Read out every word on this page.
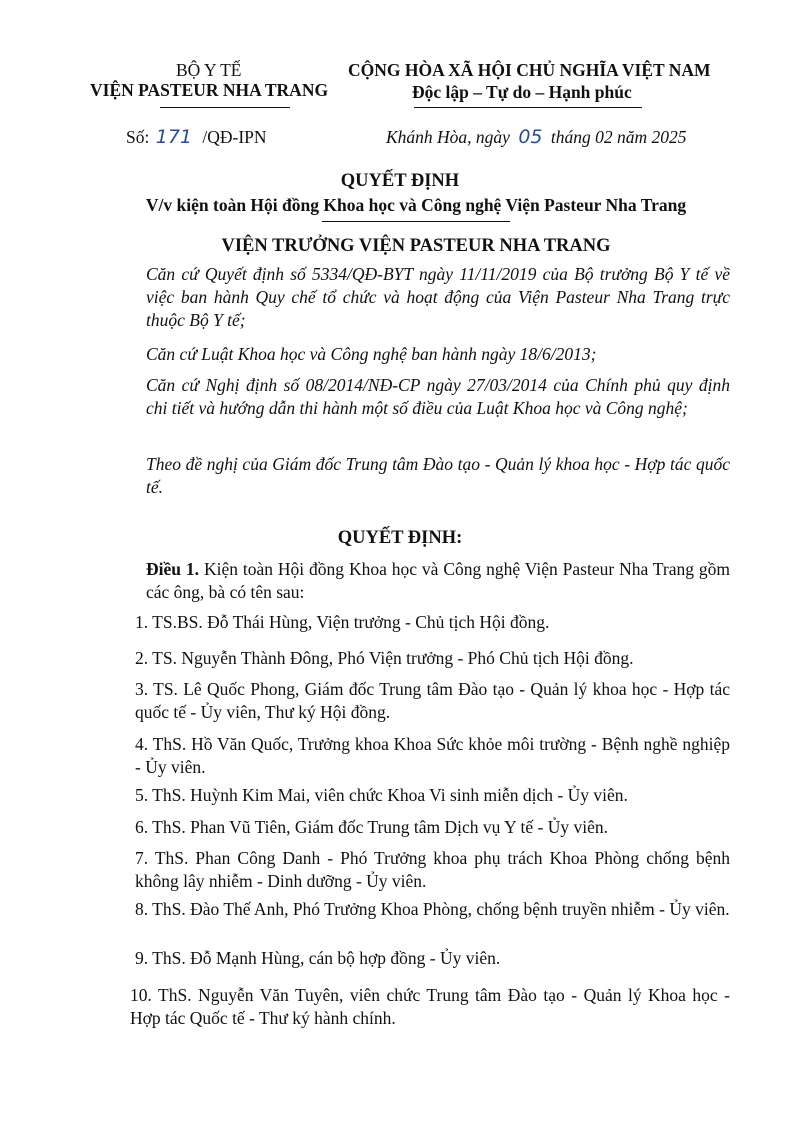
BỘ Y TẾ
VIỆN PASTEUR NHA TRANG
CỘNG HÒA XÃ HỘI CHỦ NGHĨA VIỆT NAM
Độc lập – Tự do – Hạnh phúc
Số: 171 /QĐ-IPN	Khánh Hòa, ngày 05 tháng 02 năm 2025
QUYẾT ĐỊNH
V/v kiện toàn Hội đồng Khoa học và Công nghệ Viện Pasteur Nha Trang
VIỆN TRƯỞNG VIỆN PASTEUR NHA TRANG
Căn cứ Quyết định số 5334/QĐ-BYT ngày 11/11/2019 của Bộ trưởng Bộ Y tế về việc ban hành Quy chế tổ chức và hoạt động của Viện Pasteur Nha Trang trực thuộc Bộ Y tế;
Căn cứ Luật Khoa học và Công nghệ ban hành ngày 18/6/2013;
Căn cứ Nghị định số 08/2014/NĐ-CP ngày 27/03/2014 của Chính phủ quy định chi tiết và hướng dẫn thi hành một số điều của Luật Khoa học và Công nghệ;
Theo đề nghị của Giám đốc Trung tâm Đào tạo - Quản lý khoa học - Hợp tác quốc tế.
QUYẾT ĐỊNH:
Điều 1. Kiện toàn Hội đồng Khoa học và Công nghệ Viện Pasteur Nha Trang gồm các ông, bà có tên sau:
1. TS.BS. Đỗ Thái Hùng, Viện trưởng - Chủ tịch Hội đồng.
2. TS. Nguyễn Thành Đông, Phó Viện trưởng - Phó Chủ tịch Hội đồng.
3. TS. Lê Quốc Phong, Giám đốc Trung tâm Đào tạo - Quản lý khoa học - Hợp tác quốc tế - Ủy viên, Thư ký Hội đồng.
4. ThS. Hồ Văn Quốc, Trưởng khoa Khoa Sức khỏe môi trường - Bệnh nghề nghiệp - Ủy viên.
5. ThS. Huỳnh Kim Mai, viên chức Khoa Vi sinh miễn dịch - Ủy viên.
6. ThS. Phan Vũ Tiên, Giám đốc Trung tâm Dịch vụ Y tế - Ủy viên.
7. ThS. Phan Công Danh - Phó Trưởng khoa phụ trách Khoa Phòng chống bệnh không lây nhiễm - Dinh dưỡng - Ủy viên.
8. ThS. Đào Thế Anh, Phó Trưởng Khoa Phòng, chống bệnh truyền nhiễm - Ủy viên.
9. ThS. Đỗ Mạnh Hùng, cán bộ hợp đồng - Ủy viên.
10. ThS. Nguyễn Văn Tuyên, viên chức Trung tâm Đào tạo - Quản lý Khoa học - Hợp tác Quốc tế - Thư ký hành chính.
